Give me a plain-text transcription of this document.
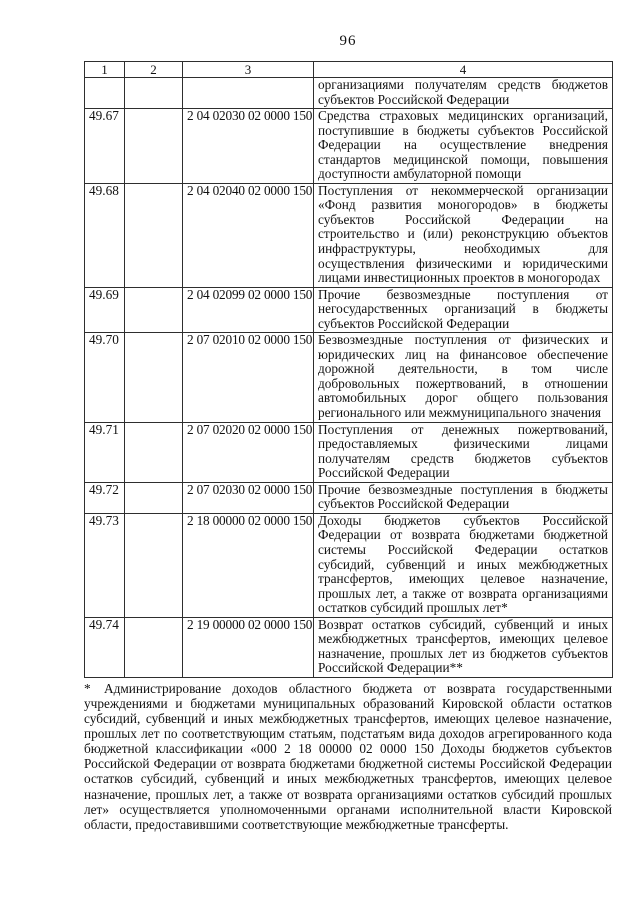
96
1	2	3	4
			организациями получателям средств бюджетов субъектов Российской Федерации
49.67		2 04 02030 02 0000 150	Средства страховых медицинских организаций, поступившие в бюджеты субъектов Российской Федерации на осуществление внедрения стандартов медицинской помощи, повышения доступности амбулаторной помощи
49.68		2 04 02040 02 0000 150	Поступления от некоммерческой организации «Фонд развития моногородов» в бюджеты субъектов Российской Федерации на строительство и (или) реконструкцию объектов инфраструктуры, необходимых для осуществления физическими и юридическими лицами инвестиционных проектов в моногородах
49.69		2 04 02099 02 0000 150	Прочие безвозмездные поступления от негосударственных организаций в бюджеты субъектов Российской Федерации
49.70		2 07 02010 02 0000 150	Безвозмездные поступления от физических и юридических лиц на финансовое обеспечение дорожной деятельности, в том числе добровольных пожертвований, в отношении автомобильных дорог общего пользования регионального или межмуниципального значения
49.71		2 07 02020 02 0000 150	Поступления от денежных пожертвований, предоставляемых физическими лицами получателям средств бюджетов субъектов Российской Федерации
49.72		2 07 02030 02 0000 150	Прочие безвозмездные поступления в бюджеты субъектов Российской Федерации
49.73		2 18 00000 02 0000 150	Доходы бюджетов субъектов Российской Федерации от возврата бюджетами бюджетной системы Российской Федерации остатков субсидий, субвенций и иных межбюджетных трансфертов, имеющих целевое назначение, прошлых лет, а также от возврата организациями остатков субсидий прошлых лет*
49.74		2 19 00000 02 0000 150	Возврат остатков субсидий, субвенций и иных межбюджетных трансфертов, имеющих целевое назначение, прошлых лет из бюджетов субъектов Российской Федерации**

* Администрирование доходов областного бюджета от возврата государственными учреждениями и бюджетами муниципальных образований Кировской области остатков субсидий, субвенций и иных межбюджетных трансфертов, имеющих целевое назначение, прошлых лет по соответствующим статьям, подстатьям вида доходов агрегированного кода бюджетной классификации «000 2 18 00000 02 0000 150 Доходы бюджетов субъектов Российской Федерации от возврата бюджетами бюджетной системы Российской Федерации остатков субсидий, субвенций и иных межбюджетных трансфертов, имеющих целевое назначение, прошлых лет, а также от возврата организациями остатков субсидий прошлых лет» осуществляется уполномоченными органами исполнительной власти Кировской области, предоставившими соответствующие межбюджетные трансферты.
